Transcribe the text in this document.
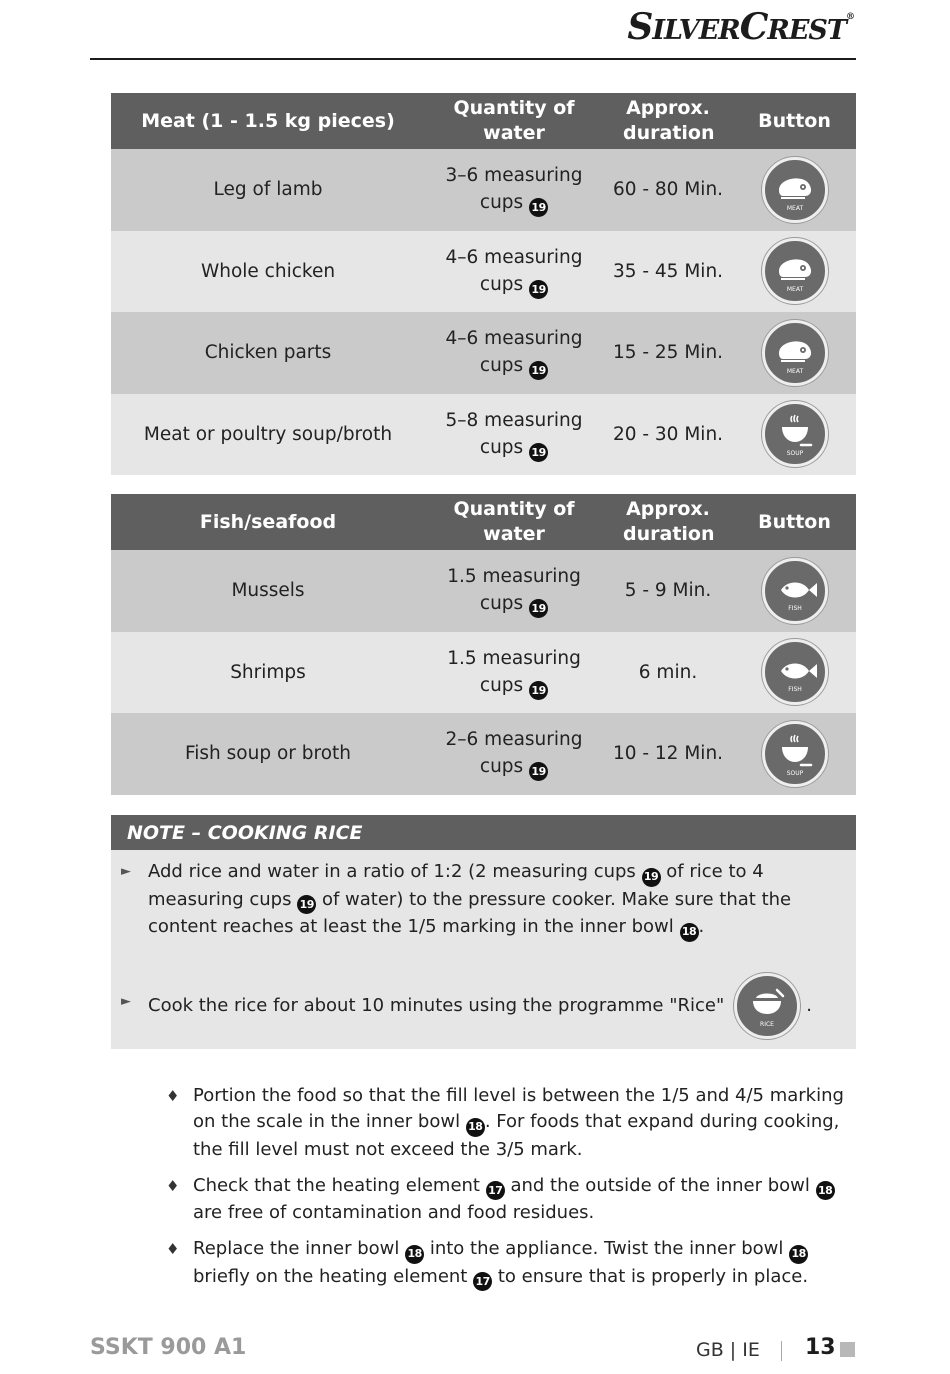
SILVERCREST®
Meat (1 - 1.5 kg pieces)	Quantity of water	Approx. duration	Button
Leg of lamb	3–6 measuring
cups 19	60 - 80 Min.	MEAT

Whole chicken	4–6 measuring
cups 19	35 - 45 Min.	MEAT

Chicken parts	4–6 measuring
cups 19	15 - 25 Min.	MEAT

Meat or poultry soup/broth	5–8 measuring
cups 19	20 - 30 Min.	SOUP
Fish/seafood	Quantity of water	Approx. duration	Button
Mussels	1.5 measuring
cups 19	5 - 9 Min.	FISH

Shrimps	1.5 measuring
cups 19	6 min.	FISH

Fish soup or broth	2–6 measuring
cups 19	10 - 12 Min.	SOUP
NOTE – COOKING RICE
► Add rice and water in a ratio of 1:2 (2 measuring cups 19 of rice to 4 measuring cups 19 of water) to the pressure cooker. Make sure that the content reaches at least the 1/5 marking in the inner bowl 18 .
► Cook the rice for about 10 minutes using the programme "Rice"
RICE
.
♦ Portion the food so that the fill level is between the 1/5 and 4/5 marking on the scale in the inner bowl 18 . For foods that expand during cooking, the fill level must not exceed the 3/5 mark.
♦ Check that the heating element 17 and the outside of the inner bowl 18 are free of contamination and food residues.
♦ Replace the inner bowl 18 into the appliance. Twist the inner bowl 18 briefly on the heating element 17 to ensure that is properly in place.
SSKT 900 A1	GB | IE 13
